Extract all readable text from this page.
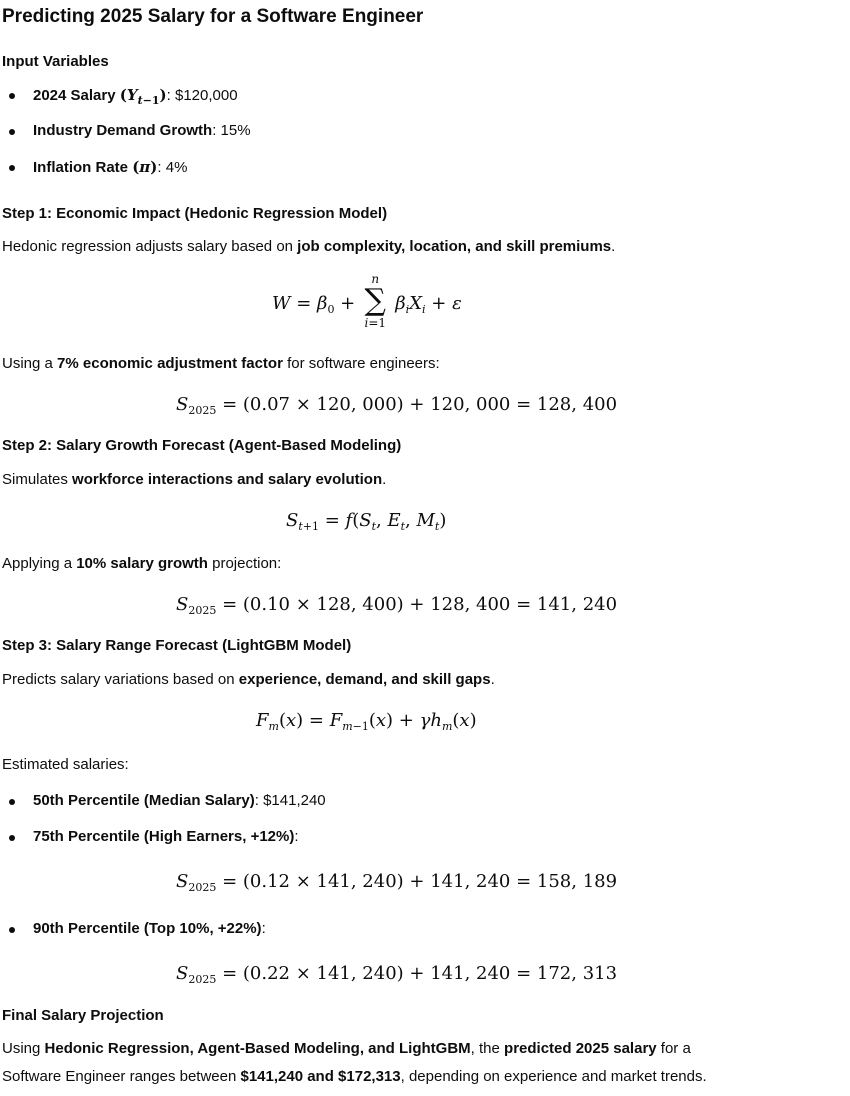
Predicting 2025 Salary for a Software Engineer
Input Variables
2024 Salary $(Y_{t-1})$: $120,000
Industry Demand Growth: 15%
Inflation Rate (π): 4%
Step 1: Economic Impact (Hedonic Regression Model)
Hedonic regression adjusts salary based on job complexity, location, and skill premiums.
$W = \beta_0$ +
n
∑
i=1
$\beta_iX_i + \varepsilon$
Using a 7% economic adjustment factor for software engineers:
$S_{2025} = (0.07 \times 120$, 000) + 120, 000 = 128, 400
Step 2: Salary Growth Forecast (Agent-Based Modeling)
Simulates workforce interactions and salary evolution.
$S_{t+1} = f(S_t$, $E_t$, $M_t$)
Applying a 10% salary growth projection:
$S_{2025} = (0.10 \times 128$, 400) + 128, 400 = 141, 240
Step 3: Salary Range Forecast (LightGBM Model)
Predicts salary variations based on experience, demand, and skill gaps.
$F_m(x) = F_{m-1}(x) + \gamma h_m(x)$
Estimated salaries:
50th Percentile (Median Salary): $141,240
75th Percentile (High Earners, +12%):
$S_{2025} = (0.12 \times 141$, 240) + 141, 240 = 158, 189
90th Percentile (Top 10%, +22%):
$S_{2025} = (0.22 \times 141$, 240) + 141, 240 = 172, 313
Final Salary Projection
Using Hedonic Regression, Agent-Based Modeling, and LightGBM, the predicted 2025 salary for a Software Engineer ranges between $141,240 and $172,313, depending on experience and market trends.
